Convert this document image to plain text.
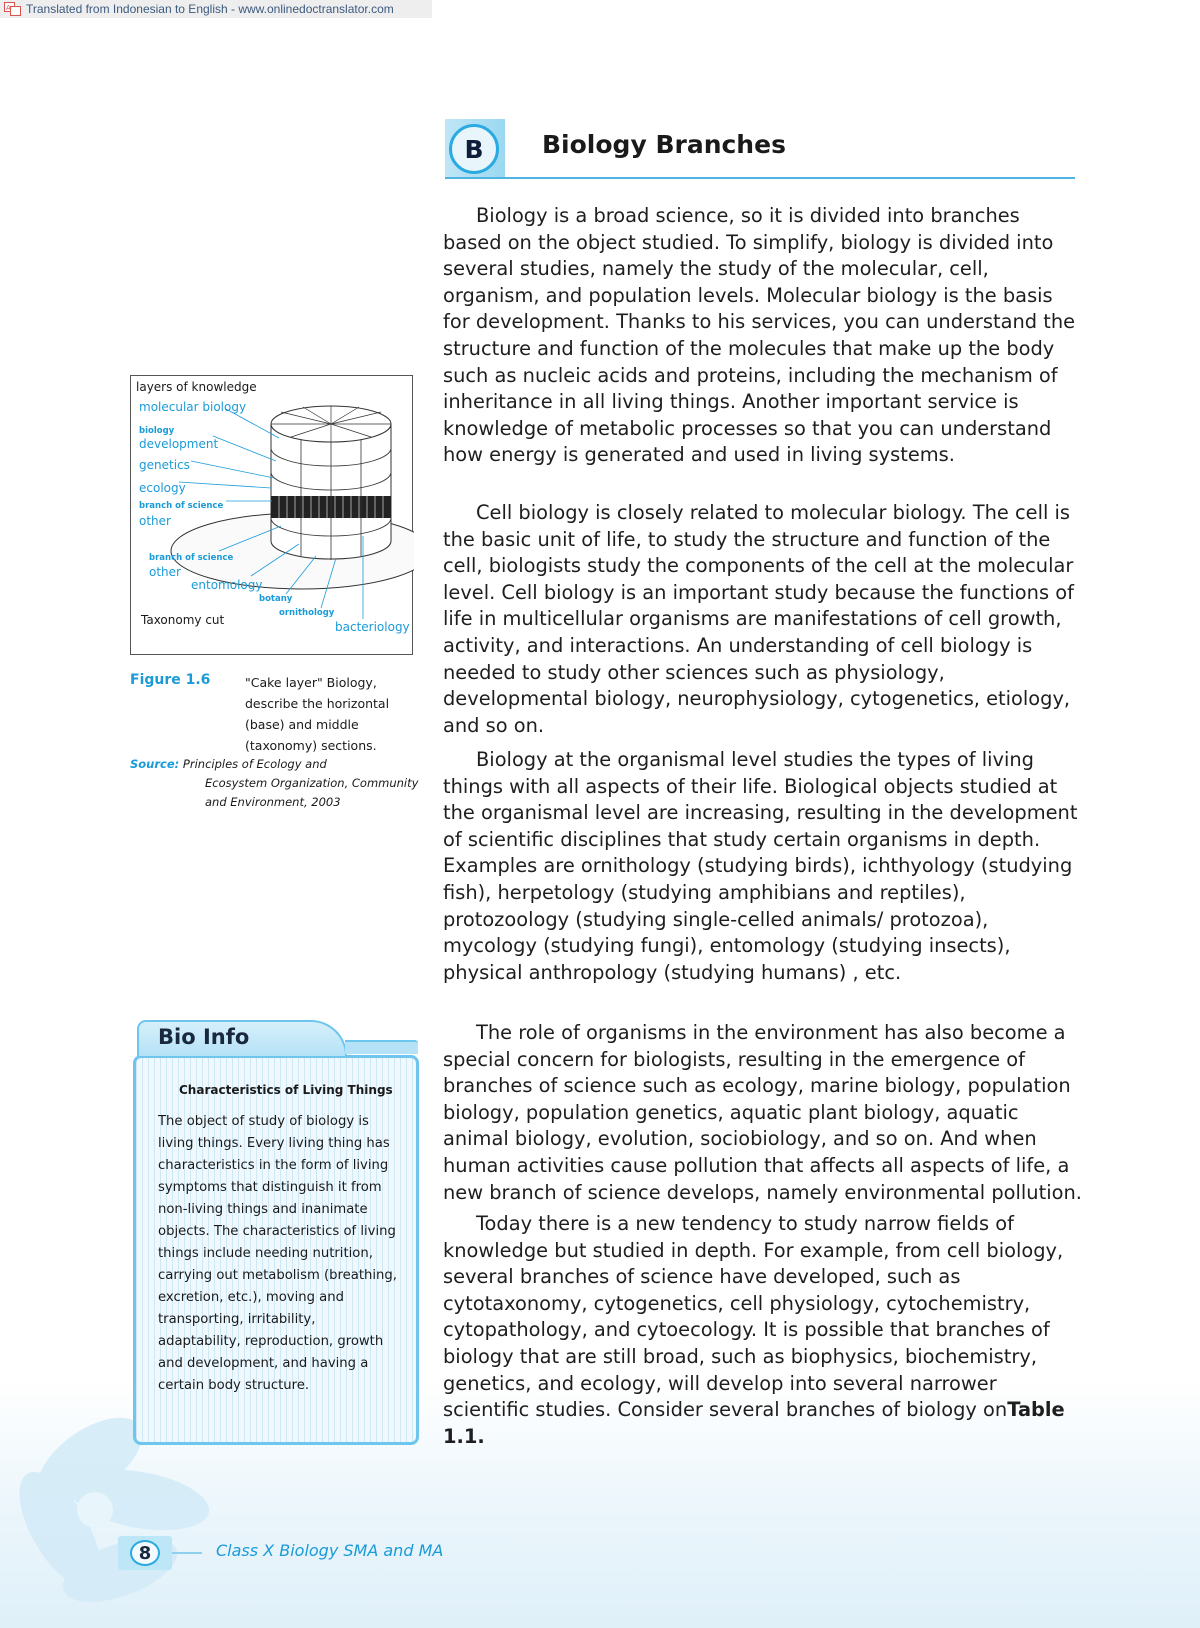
A Translated from Indonesian to English - www.onlinedoctranslator.com
B	Biology Branches

Biology is a broad science, so it is divided into branches based on the object studied. To simplify, biology is divided into several studies, namely the study of the molecular, cell, organism, and population levels. Molecular biology is the basis for development. Thanks to his services, you can understand the structure and function of the molecules that make up the body such as nucleic acids and proteins, including the mechanism of inheritance in all living things. Another important service is knowledge of metabolic processes so that you can understand how energy is generated and used in living systems.

Cell biology is closely related to molecular biology. The cell is the basic unit of life, to study the structure and function of the cell, biologists study the components of the cell at the molecular level. Cell biology is an important study because the functions of life in multicellular organisms are manifestations of cell growth, activity, and interactions. An understanding of cell biology is needed to study other sciences such as physiology, developmental biology, neurophysiology, cytogenetics, etiology, and so on.

Biology at the organismal level studies the types of living things with all aspects of their life. Biological objects studied at the organismal level are increasing, resulting in the development of scientific disciplines that study certain organisms in depth. Examples are ornithology (studying birds), ichthyology (studying fish), herpetology (studying amphibians and reptiles), protozoology (studying single-celled animals/ protozoa), mycology (studying fungi), entomology (studying insects), physical anthropology (studying humans) , etc.

The role of organisms in the environment has also become a special concern for biologists, resulting in the emergence of branches of science such as ecology, marine biology, population biology, population genetics, aquatic plant biology, aquatic animal biology, evolution, sociobiology, and so on. And when human activities cause pollution that affects all aspects of life, a new branch of science develops, namely environmental pollution.

Today there is a new tendency to study narrow fields of knowledge but studied in depth. For example, from cell biology, several branches of science have developed, such as cytotaxonomy, cytogenetics, cell physiology, cytochemistry, cytopathology, and cytoecology. It is possible that branches of biology that are still broad, such as biophysics, biochemistry, genetics, and ecology, will develop into several narrower scientific studies. Consider several branches of biology onTable 1.1.

layers of knowledge
molecular biology
biology
development
genetics
ecology
branch of science
other
branch of science
other
entomology
botany
ornithology
bacteriology
Taxonomy cut
Figure 1.6	"Cake layer" Biology, describe the horizontal (base) and middle (taxonomy) sections.
Source: Principles of Ecology and
Ecosystem Organization, Community and Environment, 2003
Bio Info
Characteristics of Living Things
The object of study of biology is living things. Every living thing has characteristics in the form of living symptoms that distinguish it from non-living things and inanimate objects. The characteristics of living things include needing nutrition, carrying out metabolism (breathing, excretion, etc.), moving and transporting, irritability, adaptability, reproduction, growth and development, and having a certain body structure.
8	Class X Biology SMA and MA
